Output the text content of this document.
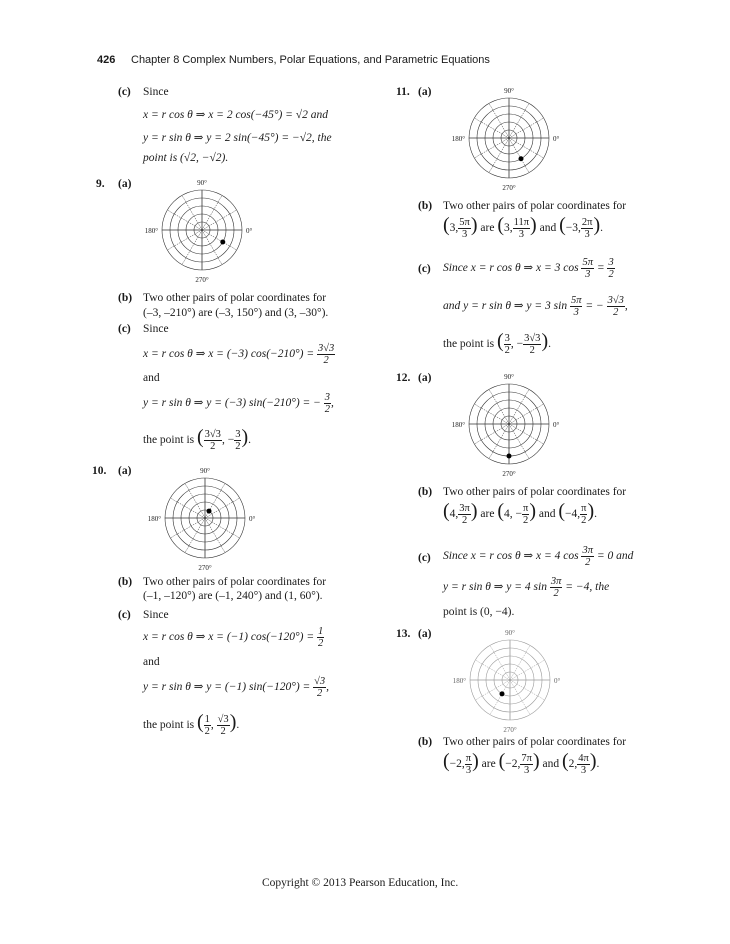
426 Chapter 8 Complex Numbers, Polar Equations, and Parametric Equations
(c) Since
x = r cos θ ⇒ x = 2 cos(−45°) = √2 and
y = r sin θ ⇒ y = 2 sin(−45°) = −√2, the
point is (√2, −√2).
9. (a)	90°
270°
180°	0°
(b) Two other pairs of polar coordinates for
(–3, –210°) are (–3, 150°) and (3, –30°).
(c) Since
x = r cos θ ⇒ x = (−3) $\cos(-210^\circ) = \frac{3√3}{2}$
and
y = r sin θ ⇒ y = (−3) sin(−210°) = − $\frac{3}{2}$ ,
the point is ( $\frac{3√3}{2}$ , − $\frac{3}{2}$ ).
10. (a)	90°
270°
180°	0°
(b) Two other pairs of polar coordinates for
(–1, –120°) are (–1, 240°) and (1, 60°).
(c) Since
x = r cos θ ⇒ x = (−1) $\cos(-120^\circ) = \frac{1}{2}$
and
y = r sin θ ⇒ y = (−1) $\sin(-120^\circ) = \frac{√3}{2}$ ,
the point is ( $\frac{1}{2}$ , $\frac{√3}{2}$ ).
11. (a)	90°
270°
180°	0°
(b) Two other pairs of polar coordinates for
(3, $\frac{5\pi}{3}$ ) are (3, $\frac{11\pi}{3}$ ) and (−3, $\frac{2\pi}{3}$ ).
(c) Since x = r cos θ ⇒ x = 3 $\cos \frac{5\pi}{3} = \frac{3}{2}$
and y = r sin θ ⇒ y = 3 $\sin \frac{5\pi}{3}$ = − $\frac{3√3}{2}$ ,
the point is ( $\frac{3}{2}$ , − $\frac{3√3}{2}$ ).
12. (a)	90°
270°
180°	0°
(b) Two other pairs of polar coordinates for
(4, $\frac{3\pi}{2}$ ) are (4, − $\frac{\pi}{2}$ ) and (−4, $\frac{\pi}{2}$ ).
(c) Since x = r cos θ ⇒ x = 4 $\cos \frac{3\pi}{2} = 0$ and
y = r sin θ ⇒ y = 4 $\sin \frac{3\pi}{2} = -4$, the
point is (0, −4).
13. (a)	90°
270°
180°	0°
(b) Two other pairs of polar coordinates for
(−2, $\frac{\pi}{3}$ ) are (−2, $\frac{7\pi}{3}$ ) and (2, $\frac{4\pi}{3}$ ).
Copyright © 2013 Pearson Education, Inc.
